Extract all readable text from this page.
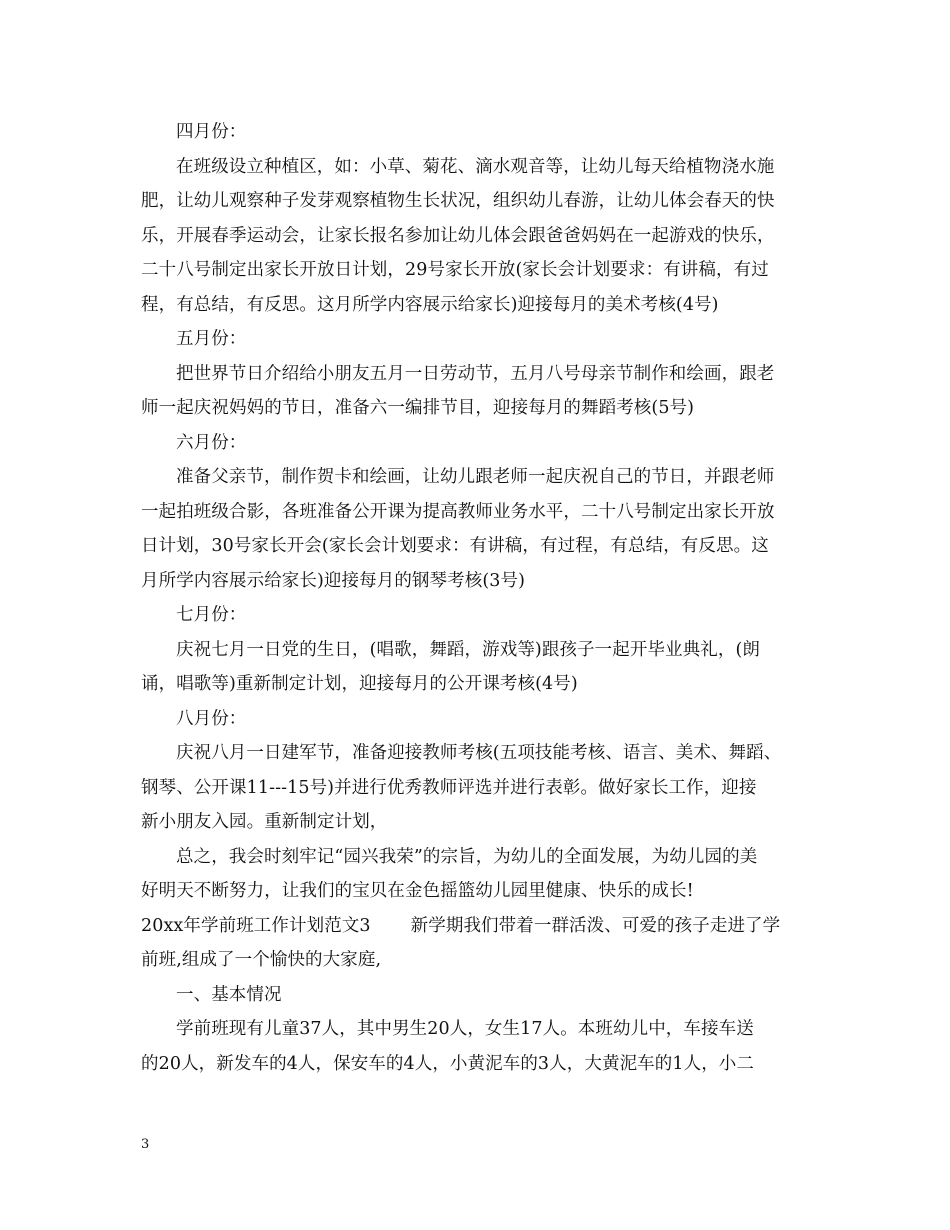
四月份：
在班级设立种植区，如：小草、菊花、滴水观音等，让幼儿每天给植物浇水施
肥，让幼儿观察种子发芽观察植物生长状况，组织幼儿春游，让幼儿体会春天的快
乐，开展春季运动会，让家长报名参加让幼儿体会跟爸爸妈妈在一起游戏的快乐，
二十八号制定出家长开放日计划，29号家长开放(家长会计划要求：有讲稿，有过
程，有总结，有反思。这月所学内容展示给家长)迎接每月的美术考核(4号)
五月份：
把世界节日介绍给小朋友五月一日劳动节，五月八号母亲节制作和绘画，跟老
师一起庆祝妈妈的节日，准备六一编排节目，迎接每月的舞蹈考核(5号)
六月份：
准备父亲节，制作贺卡和绘画，让幼儿跟老师一起庆祝自己的节日，并跟老师
一起拍班级合影，各班准备公开课为提高教师业务水平，二十八号制定出家长开放
日计划，30号家长开会(家长会计划要求：有讲稿，有过程，有总结，有反思。这
月所学内容展示给家长)迎接每月的钢琴考核(3号)
七月份：
庆祝七月一日党的生日，(唱歌，舞蹈，游戏等)跟孩子一起开毕业典礼，(朗
诵，唱歌等)重新制定计划，迎接每月的公开课考核(4号)
八月份：
庆祝八月一日建军节，准备迎接教师考核(五项技能考核、语言、美术、舞蹈、
钢琴、公开课11---15号)并进行优秀教师评选并进行表彰。做好家长工作，迎接
新小朋友入园。重新制定计划，
总之，我会时刻牢记“园兴我荣”的宗旨，为幼儿的全面发展，为幼儿园的美
好明天不断努力，让我们的宝贝在金色摇篮幼儿园里健康、快乐的成长!
20xx年学前班工作计划范文3 新学期我们带着一群活泼、可爱的孩子走进了学
前班,组成了一个愉快的大家庭,
一、基本情况
学前班现有儿童37人，其中男生20人，女生17人。本班幼儿中，车接车送
的20人，新发车的4人，保安车的4人，小黄泥车的3人，大黄泥车的1人，小二
3
